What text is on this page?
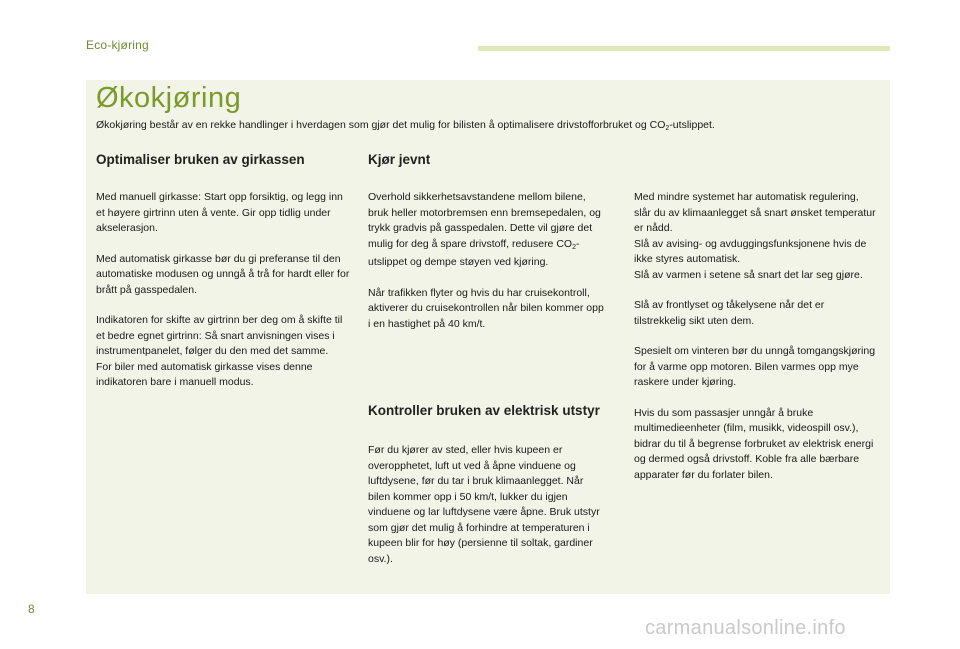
Eco-kjøring
Økokjøring
Økokjøring består av en rekke handlinger i hverdagen som gjør det mulig for bilisten å optimalisere drivstofforbruket og $CO_2$-utslippet.
Optimaliser bruken av girkassen

Med manuell girkasse: Start opp forsiktig, og legg inn et høyere girtrinn uten å vente. Gir opp tidlig under akselerasjon.

Med automatisk girkasse bør du gi preferanse til den automatiske modusen og unngå å trå for hardt eller for brått på gasspedalen.

Indikatoren for skifte av girtrinn ber deg om å skifte til et bedre egnet girtrinn: Så snart anvisningen vises i instrumentpanelet, følger du den med det samme.

For biler med automatisk girkasse vises denne indikatoren bare i manuell modus.

Kjør jevnt

Overhold sikkerhetsavstandene mellom bilene, bruk heller motorbremsen enn bremsepedalen, og trykk gradvis på gasspedalen. Dette vil gjøre det mulig for deg å spare drivstoff, redusere $CO_2$-utslippet og dempe støyen ved kjøring.

Når trafikken flyter og hvis du har cruisekontroll, aktiverer du cruisekontrollen når bilen kommer opp i en hastighet på 40 km/t.

Kontroller bruken av elektrisk utstyr

Før du kjører av sted, eller hvis kupeen er overopphetet, luft ut ved å åpne vinduene og luftdysene, før du tar i bruk klimaanlegget. Når bilen kommer opp i 50 km/t, lukker du igjen vinduene og lar luftdysene være åpne. Bruk utstyr som gjør det mulig å forhindre at temperaturen i kupeen blir for høy (persienne til soltak, gardiner osv.).

Med mindre systemet har automatisk regulering, slår du av klimaanlegget så snart ønsket temperatur er nådd.

Slå av avising- og avduggingsfunksjonene hvis de ikke styres automatisk.

Slå av varmen i setene så snart det lar seg gjøre.

Slå av frontlyset og tåkelysene når det er tilstrekkelig sikt uten dem.

Spesielt om vinteren bør du unngå tomgangskjøring for å varme opp motoren. Bilen varmes opp mye raskere under kjøring.

Hvis du som passasjer unngår å bruke multimedieenheter (film, musikk, videospill osv.), bidrar du til å begrense forbruket av elektrisk energi og dermed også drivstoff. Koble fra alle bærbare apparater før du forlater bilen.

8
carmanualsonline.info
